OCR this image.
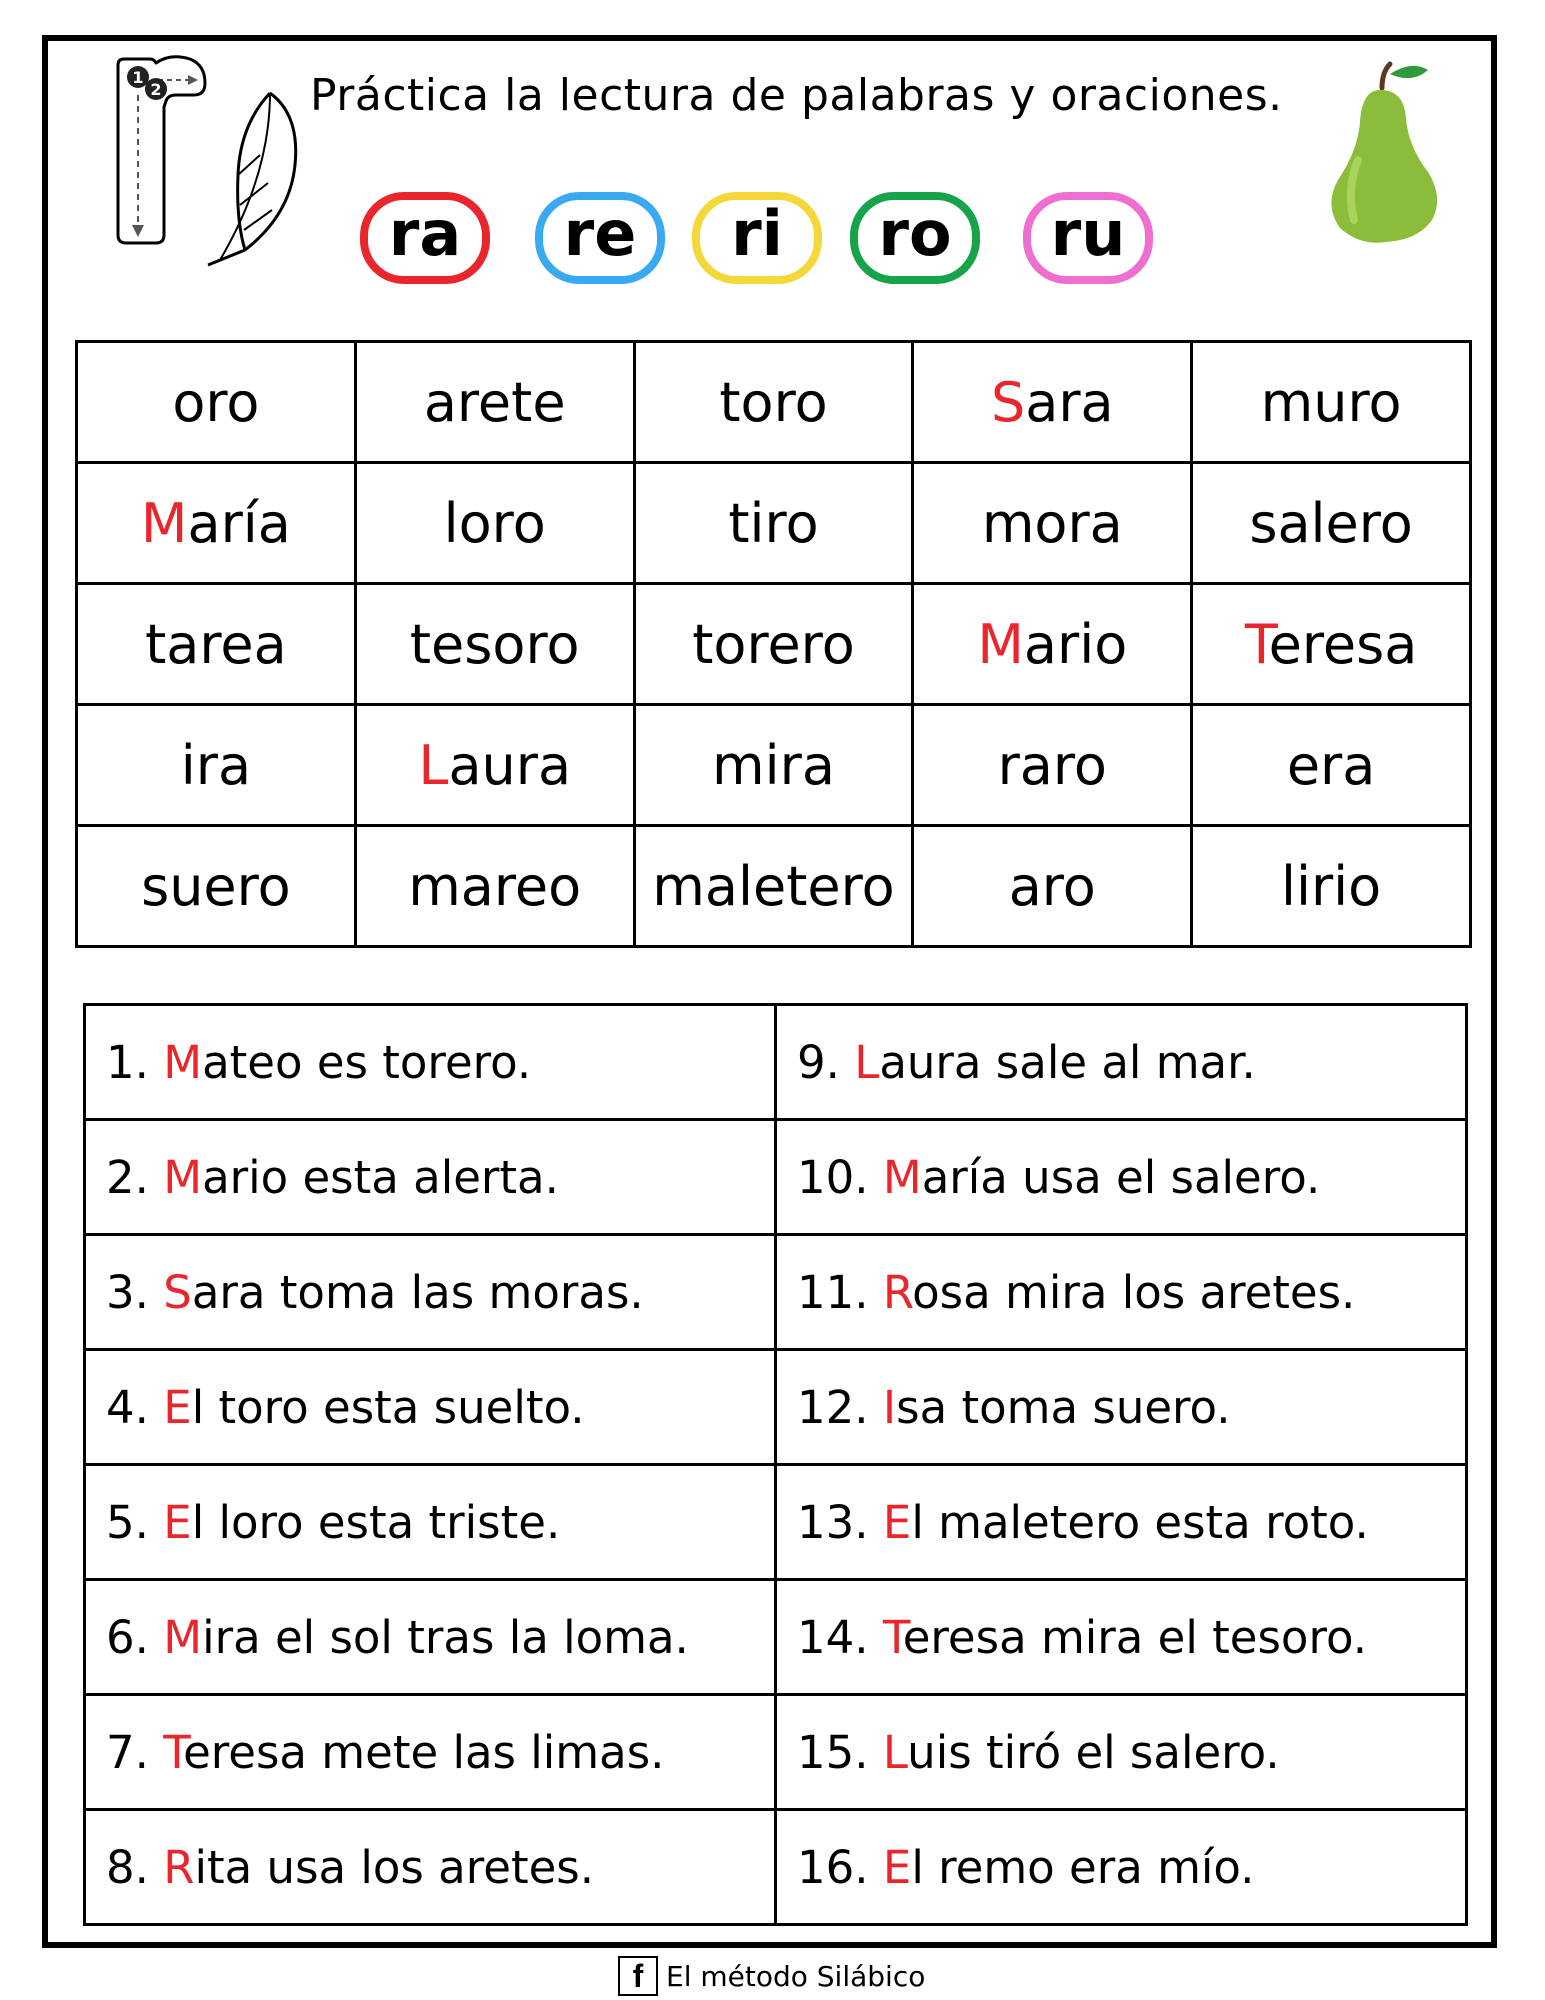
1
2	Práctica la lectura de palabras y oraciones.
ra	re	ri	ro	ru
oro	arete	toro	Sara	muro
María	loro	tiro	mora	salero
tarea	tesoro	torero	Mario	Teresa
ira	Laura	mira	raro	era
suero	mareo	maletero	aro	lirio
1. Mateo es torero.	9. Laura sale al mar.
2. Mario esta alerta.	10. María usa el salero.
3. Sara toma las moras.	11. Rosa mira los aretes.
4. El toro esta suelto.	12. Isa toma suero.
5. El loro esta triste.	13. El maletero esta roto.
6. Mira el sol tras la loma.	14. Teresa mira el tesoro.
7. Teresa mete las limas.	15. Luis tiró el salero.
8. Rita usa los aretes.	16. El remo era mío.
f El método Silábico
